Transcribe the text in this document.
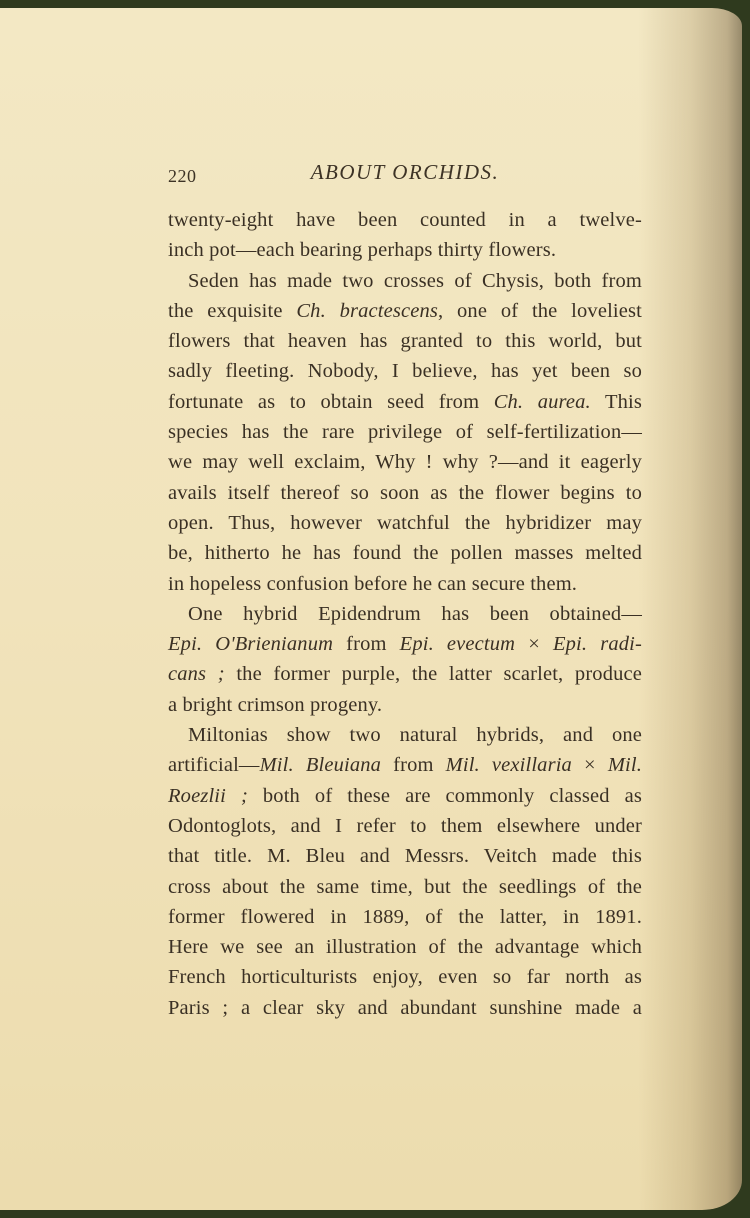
220	ABOUT ORCHIDS.
twenty-eight have been counted in a twelve-
inch pot—each bearing perhaps thirty flowers.
Seden has made two crosses of Chysis, both from
the exquisite Ch. bractescens, one of the loveliest
flowers that heaven has granted to this world, but
sadly fleeting. Nobody, I believe, has yet been so
fortunate as to obtain seed from Ch. aurea. This
species has the rare privilege of self-fertilization—
we may well exclaim, Why ! why ?—and it eagerly
avails itself thereof so soon as the flower begins to
open. Thus, however watchful the hybridizer may
be, hitherto he has found the pollen masses melted
in hopeless confusion before he can secure them.
One hybrid Epidendrum has been obtained—
Epi. O'Brienianum from Epi. evectum × Epi. radi-
cans ; the former purple, the latter scarlet, produce
a bright crimson progeny.
Miltonias show two natural hybrids, and one
artificial—Mil. Bleuiana from Mil. vexillaria × Mil.
Roezlii ; both of these are commonly classed as
Odontoglots, and I refer to them elsewhere under
that title. M. Bleu and Messrs. Veitch made this
cross about the same time, but the seedlings of the
former flowered in 1889, of the latter, in 1891.
Here we see an illustration of the advantage which
French horticulturists enjoy, even so far north as
Paris ; a clear sky and abundant sunshine made a
